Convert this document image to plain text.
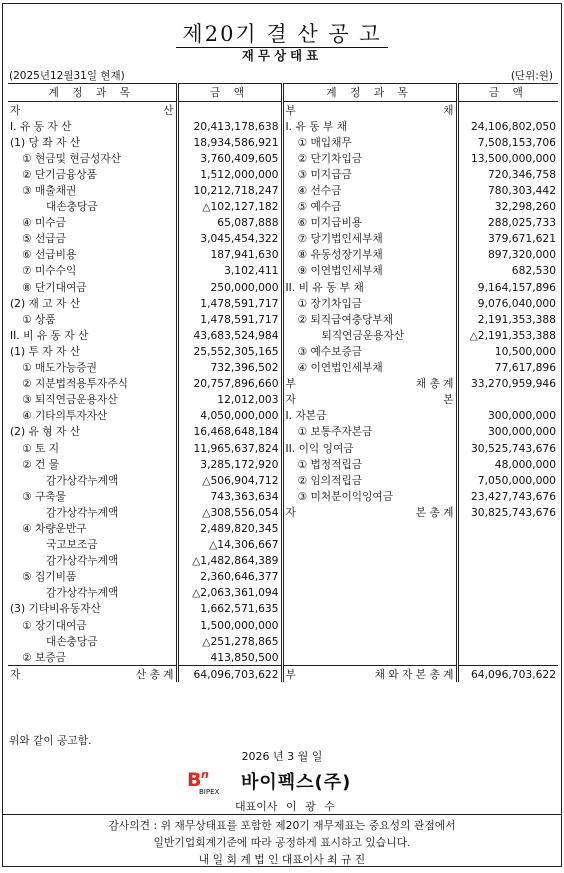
제20기 결 산 공 고
재무상태표
(2025년12월31일 현재)	(단위:원)
계 정 과 목	금 액	계 정 과 목	금 액

자 산		부 채	

I. 유 동 자 산	20,413,178,638	I. 유 동 부 채	24,106,802,050
(1) 당 좌 자 산	18,934,586,921	① 매입채무	7,508,153,706
① 현금및 현금성자산	3,760,409,605	② 단기차입금	13,500,000,000
② 단기금융상품	1,512,000,000	③ 미지급금	720,346,758
③ 매출채권	10,212,718,247	④ 선수금	780,303,442
대손충당금	△102,127,182	⑤ 예수금	32,298,260
④ 미수금	65,087,888	⑥ 미지급비용	288,025,733
⑤ 선급금	3,045,454,322	⑦ 당기법인세부채	379,671,621
⑥ 선급비용	187,941,630	⑧ 유동성장기부채	897,320,000
⑦ 미수수익	3,102,411	⑨ 이연법인세부채	682,530
⑧ 단기대여금	250,000,000	II. 비 유 동 부 채	9,164,157,896
(2) 재 고 자 산	1,478,591,717	① 장기차입금	9,076,040,000
① 상품	1,478,591,717	② 퇴직급여충당부채	2,191,353,388
II. 비 유 동 자 산	43,683,524,984	퇴직연금운용자산	△2,191,353,388
(1) 투 자 자 산	25,552,305,165	③ 예수보증금	10,500,000
① 매도가능증권	732,396,502	④ 이연법인세부채	77,617,896
② 지분법적용투자주식	20,757,896,660	부 채 총 계	33,270,959,946
③ 퇴직연금운용자산	12,012,003	자 본	

④ 기타의투자자산	4,050,000,000	I. 자본금	300,000,000
(2) 유 형 자 산	16,468,648,184	① 보통주자본금	300,000,000
① 토 지	11,965,637,824	II. 이익 잉여금	30,525,743,676
② 건 물	3,285,172,920	① 법정적립금	48,000,000
감가상각누계액	△506,904,712	② 임의적립금	7,050,000,000
③ 구축물	743,363,634	③ 미처분이익잉여금	23,427,743,676
감가상각누계액	△308,556,054	자 본 총 계	30,825,743,676
④ 차량운반구	2,489,820,345		
국고보조금	△14,306,667		
감가상각누계액	△1,482,864,389		
⑤ 집기비품	2,360,646,377		
감가상각누계액	△2,063,361,094		
(3) 기타비유동자산	1,662,571,635		
① 장기대여금	1,500,000,000		
대손충당금	△251,278,865		
② 보증금	413,850,500		

자 산 총 계	64,096,703,622	부 채 와 자 본 총 계	64,096,703,622
위와 같이 공고함.
2026 년 3 월 일
B n
BIPEX 바이펙스(주)
대표이사 이 광 수
감사의견 : 위 재무상태표를 포함한 제20기 재무제표는 중요성의 관점에서
일반기업회계기준에 따라 공정하게 표시하고 있습니다.
내 일 회 계 법 인 대표이사 최 규 진
